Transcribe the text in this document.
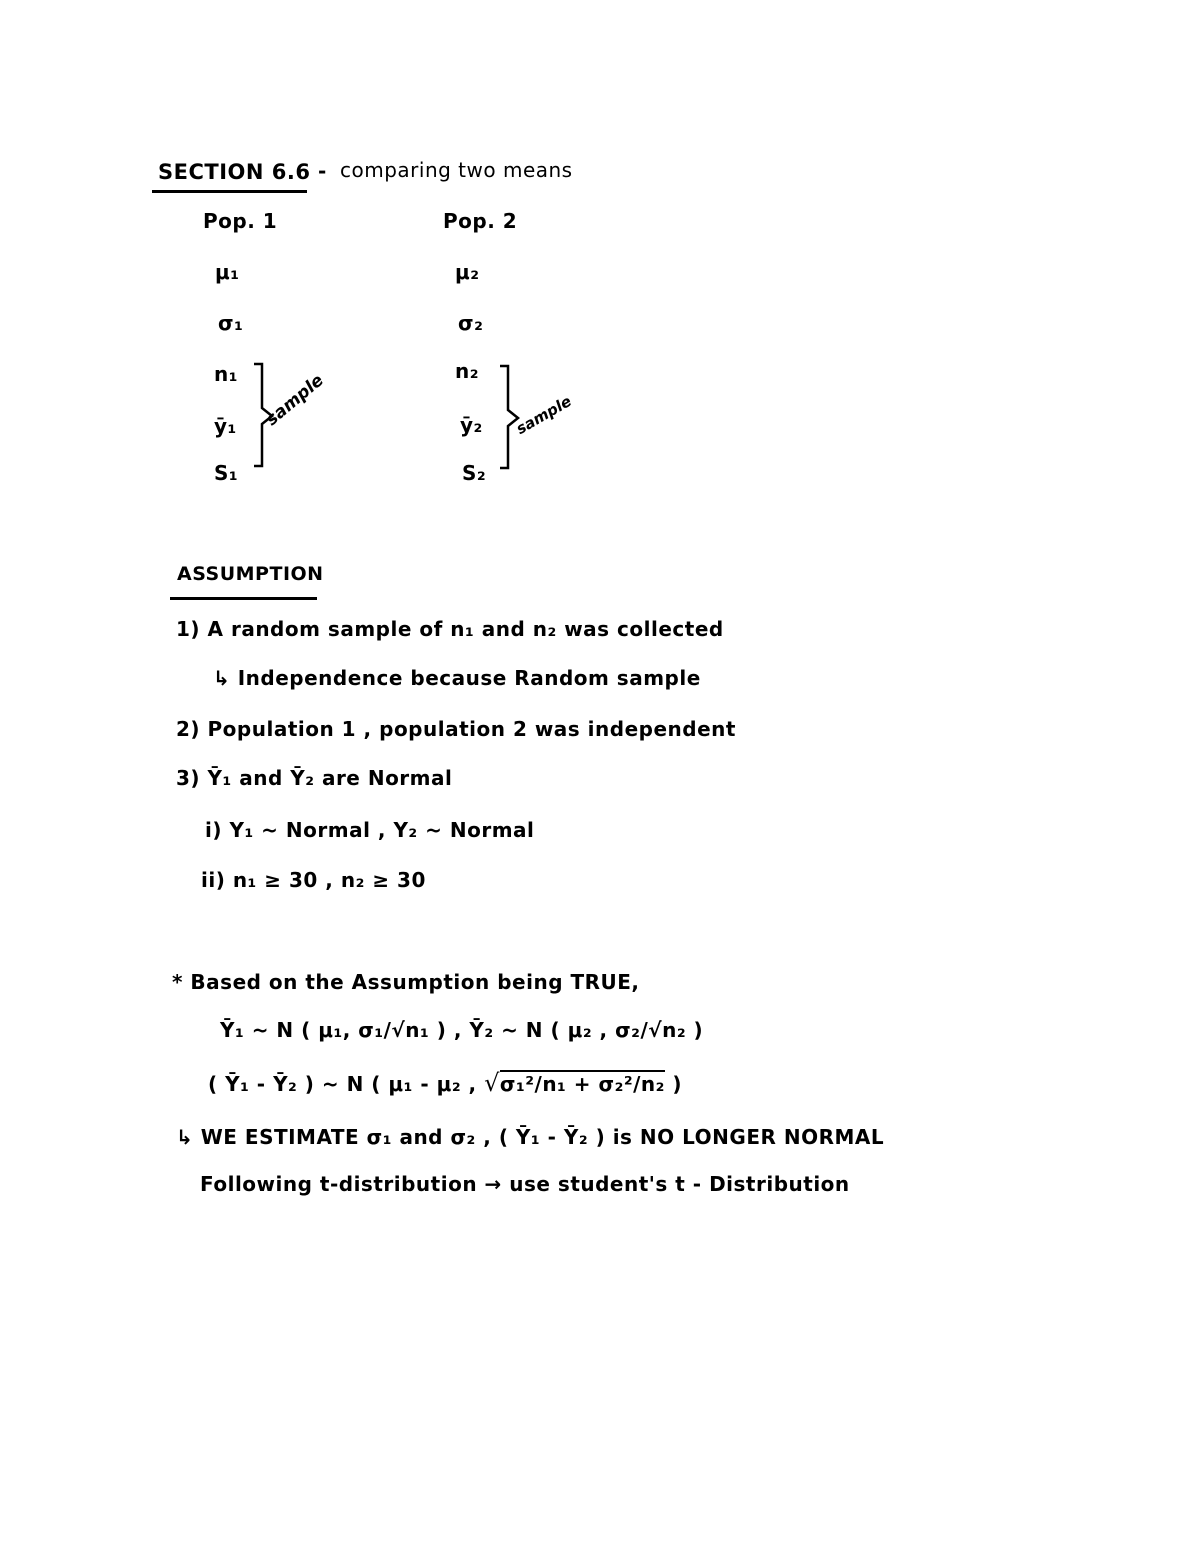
SECTION 6.6 - comparing two means
Pop. 1
μ₁
σ₁
n₁
ȳ₁
S₁
sample
Pop. 2
μ₂
σ₂
n₂
ȳ₂
S₂
sample
ASSUMPTION
1) A random sample of n₁ and n₂ was collected
↳ Independence because Random sample
2) Population 1 , population 2 was independent
3) Ȳ₁ and Ȳ₂ are Normal
i) Y₁ ~ Normal , Y₂ ~ Normal
ii) n₁ ≥ 30 , n₂ ≥ 30
* Based on the Assumption being TRUE,
Ȳ₁ ~ N ( μ₁, σ₁/√n₁ ) , Ȳ₂ ~ N ( μ₂ , σ₂/√n₂ )
( Ȳ₁ - Ȳ₂ ) ~ N ( μ₁ - μ₂ , √σ₁²/n₁ + σ₂²/n₂ )
↳ WE ESTIMATE σ₁ and σ₂ , ( Ȳ₁ - Ȳ₂ ) is NO LONGER NORMAL
Following t-distribution → use student's t - Distribution
